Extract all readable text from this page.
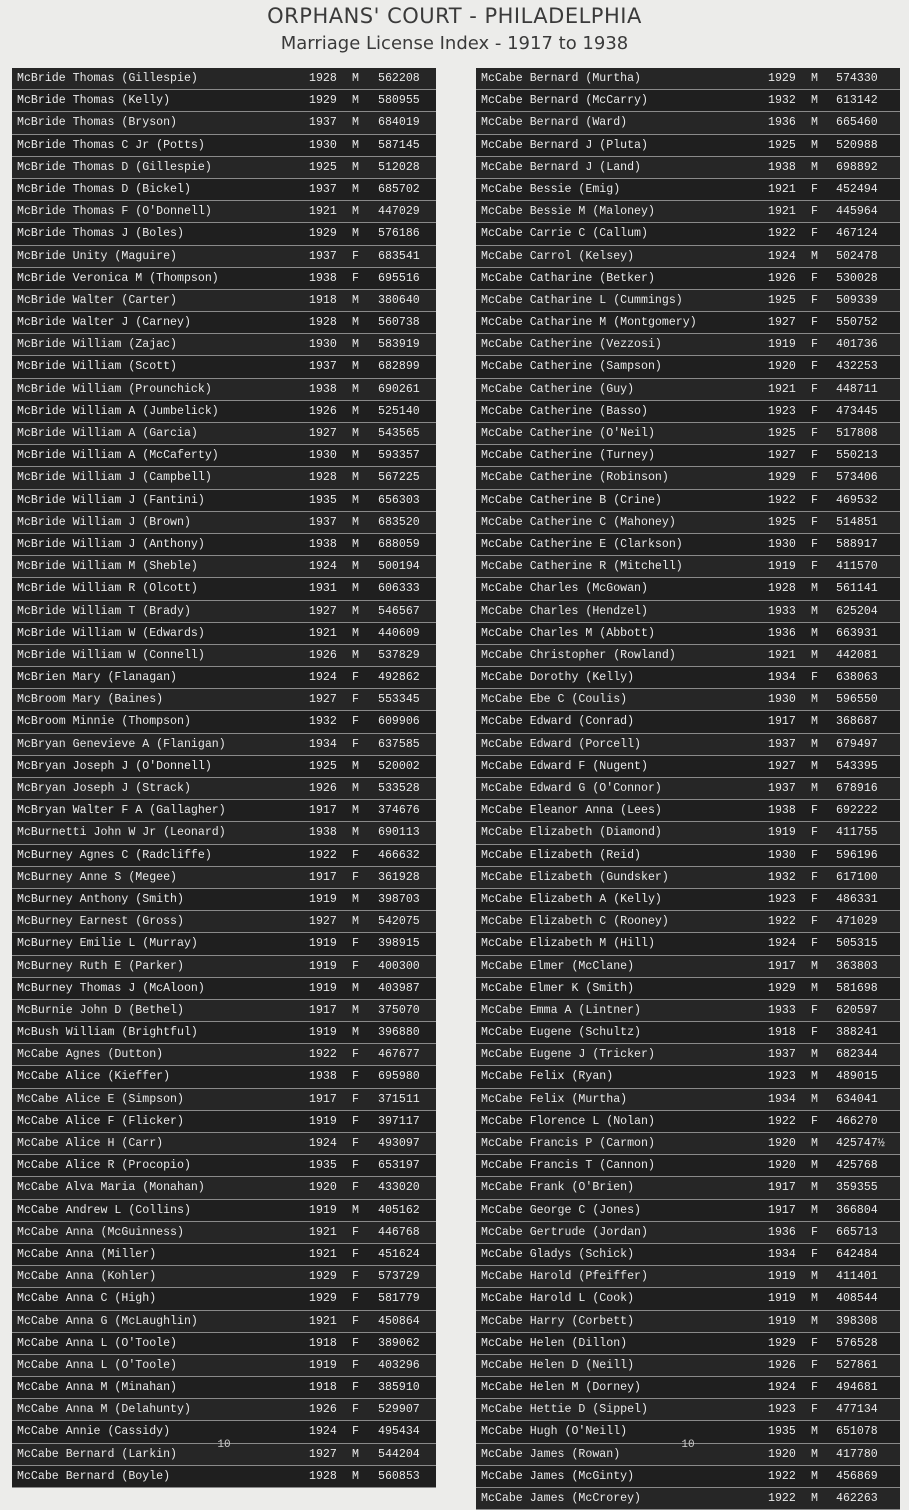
ORPHANS' COURT - PHILADELPHIA
Marriage License Index - 1917 to 1938
McBride Thomas (Gillespie)	1928 M 562208
McBride Thomas (Kelly)	1929 M 580955
McBride Thomas (Bryson)	1937 M 684019
McBride Thomas C Jr (Potts)	1930 M 587145
McBride Thomas D (Gillespie)	1925 M 512028
McBride Thomas D (Bickel)	1937 M 685702
McBride Thomas F (O'Donnell)	1921 M 447029
McBride Thomas J (Boles)	1929 M 576186
McBride Unity (Maguire)	1937 F 683541
McBride Veronica M (Thompson)	1938 F 695516
McBride Walter (Carter)	1918 M 380640
McBride Walter J (Carney)	1928 M 560738
McBride William (Zajac)	1930 M 583919
McBride William (Scott)	1937 M 682899
McBride William (Prounchick)	1938 M 690261
McBride William A (Jumbelick)	1926 M 525140
McBride William A (Garcia)	1927 M 543565
McBride William A (McCaferty)	1930 M 593357
McBride William J (Campbell)	1928 M 567225
McBride William J (Fantini)	1935 M 656303
McBride William J (Brown)	1937 M 683520
McBride William J (Anthony)	1938 M 688059
McBride William M (Sheble)	1924 M 500194
McBride William R (Olcott)	1931 M 606333
McBride William T (Brady)	1927 M 546567
McBride William W (Edwards)	1921 M 440609
McBride William W (Connell)	1926 M 537829
McBrien Mary (Flanagan)	1924 F 492862
McBroom Mary (Baines)	1927 F 553345
McBroom Minnie (Thompson)	1932 F 609906
McBryan Genevieve A (Flanigan)	1934 F 637585
McBryan Joseph J (O'Donnell)	1925 M 520002
McBryan Joseph J (Strack)	1926 M 533528
McBryan Walter F A (Gallagher)	1917 M 374676
McBurnetti John W Jr (Leonard)	1938 M 690113
McBurney Agnes C (Radcliffe)	1922 F 466632
McBurney Anne S (Megee)	1917 F 361928
McBurney Anthony (Smith)	1919 M 398703
McBurney Earnest (Gross)	1927 M 542075
McBurney Emilie L (Murray)	1919 F 398915
McBurney Ruth E (Parker)	1919 F 400300
McBurney Thomas J (McAloon)	1919 M 403987
McBurnie John D (Bethel)	1917 M 375070
McBush William (Brightful)	1919 M 396880
McCabe Agnes (Dutton)	1922 F 467677
McCabe Alice (Kieffer)	1938 F 695980
McCabe Alice E (Simpson)	1917 F 371511
McCabe Alice F (Flicker)	1919 F 397117
McCabe Alice H (Carr)	1924 F 493097
McCabe Alice R (Procopio)	1935 F 653197
McCabe Alva Maria (Monahan)	1920 F 433020
McCabe Andrew L (Collins)	1919 M 405162
McCabe Anna (McGuinness)	1921 F 446768
McCabe Anna (Miller)	1921 F 451624
McCabe Anna (Kohler)	1929 F 573729
McCabe Anna C (High)	1929 F 581779
McCabe Anna G (McLaughlin)	1921 F 450864
McCabe Anna L (O'Toole)	1918 F 389062
McCabe Anna L (O'Toole)	1919 F 403296
McCabe Anna M (Minahan)	1918 F 385910
McCabe Anna M (Delahunty)	1926 F 529907
McCabe Annie (Cassidy)	1924 F 495434
McCabe Bernard (Larkin)	1927 M 544204
McCabe Bernard (Boyle)	1928 M 560853
10
McCabe Bernard (Murtha)	1929 M 574330
McCabe Bernard (McCarry)	1932 M 613142
McCabe Bernard (Ward)	1936 M 665460
McCabe Bernard J (Pluta)	1925 M 520988
McCabe Bernard J (Land)	1938 M 698892
McCabe Bessie (Emig)	1921 F 452494
McCabe Bessie M (Maloney)	1921 F 445964
McCabe Carrie C (Callum)	1922 F 467124
McCabe Carrol (Kelsey)	1924 M 502478
McCabe Catharine (Betker)	1926 F 530028
McCabe Catharine L (Cummings)	1925 F 509339
McCabe Catharine M (Montgomery)	1927 F 550752
McCabe Catherine (Vezzosi)	1919 F 401736
McCabe Catherine (Sampson)	1920 F 432253
McCabe Catherine (Guy)	1921 F 448711
McCabe Catherine (Basso)	1923 F 473445
McCabe Catherine (O'Neil)	1925 F 517808
McCabe Catherine (Turney)	1927 F 550213
McCabe Catherine (Robinson)	1929 F 573406
McCabe Catherine B (Crine)	1922 F 469532
McCabe Catherine C (Mahoney)	1925 F 514851
McCabe Catherine E (Clarkson)	1930 F 588917
McCabe Catherine R (Mitchell)	1919 F 411570
McCabe Charles (McGowan)	1928 M 561141
McCabe Charles (Hendzel)	1933 M 625204
McCabe Charles M (Abbott)	1936 M 663931
McCabe Christopher (Rowland)	1921 M 442081
McCabe Dorothy (Kelly)	1934 F 638063
McCabe Ebe C (Coulis)	1930 M 596550
McCabe Edward (Conrad)	1917 M 368687
McCabe Edward (Porcell)	1937 M 679497
McCabe Edward F (Nugent)	1927 M 543395
McCabe Edward G (O'Connor)	1937 M 678916
McCabe Eleanor Anna (Lees)	1938 F 692222
McCabe Elizabeth (Diamond)	1919 F 411755
McCabe Elizabeth (Reid)	1930 F 596196
McCabe Elizabeth (Gundsker)	1932 F 617100
McCabe Elizabeth A (Kelly)	1923 F 486331
McCabe Elizabeth C (Rooney)	1922 F 471029
McCabe Elizabeth M (Hill)	1924 F 505315
McCabe Elmer (McClane)	1917 M 363803
McCabe Elmer K (Smith)	1929 M 581698
McCabe Emma A (Lintner)	1933 F 620597
McCabe Eugene (Schultz)	1918 F 388241
McCabe Eugene J (Tricker)	1937 M 682344
McCabe Felix (Ryan)	1923 M 489015
McCabe Felix (Murtha)	1934 M 634041
McCabe Florence L (Nolan)	1922 F 466270
McCabe Francis P (Carmon)	1920 M 425747½
McCabe Francis T (Cannon)	1920 M 425768
McCabe Frank (O'Brien)	1917 M 359355
McCabe George C (Jones)	1917 M 366804
McCabe Gertrude (Jordan)	1936 F 665713
McCabe Gladys (Schick)	1934 F 642484
McCabe Harold (Pfeiffer)	1919 M 411401
McCabe Harold L (Cook)	1919 M 408544
McCabe Harry (Corbett)	1919 M 398308
McCabe Helen (Dillon)	1929 F 576528
McCabe Helen D (Neill)	1926 F 527861
McCabe Helen M (Dorney)	1924 F 494681
McCabe Hettie D (Sippel)	1923 F 477134
McCabe Hugh (O'Neill)	1935 M 651078
McCabe James (Rowan)	1920 M 417780
McCabe James (McGinty)	1922 M 456869
McCabe James (McCrorey)	1922 M 462263
10
